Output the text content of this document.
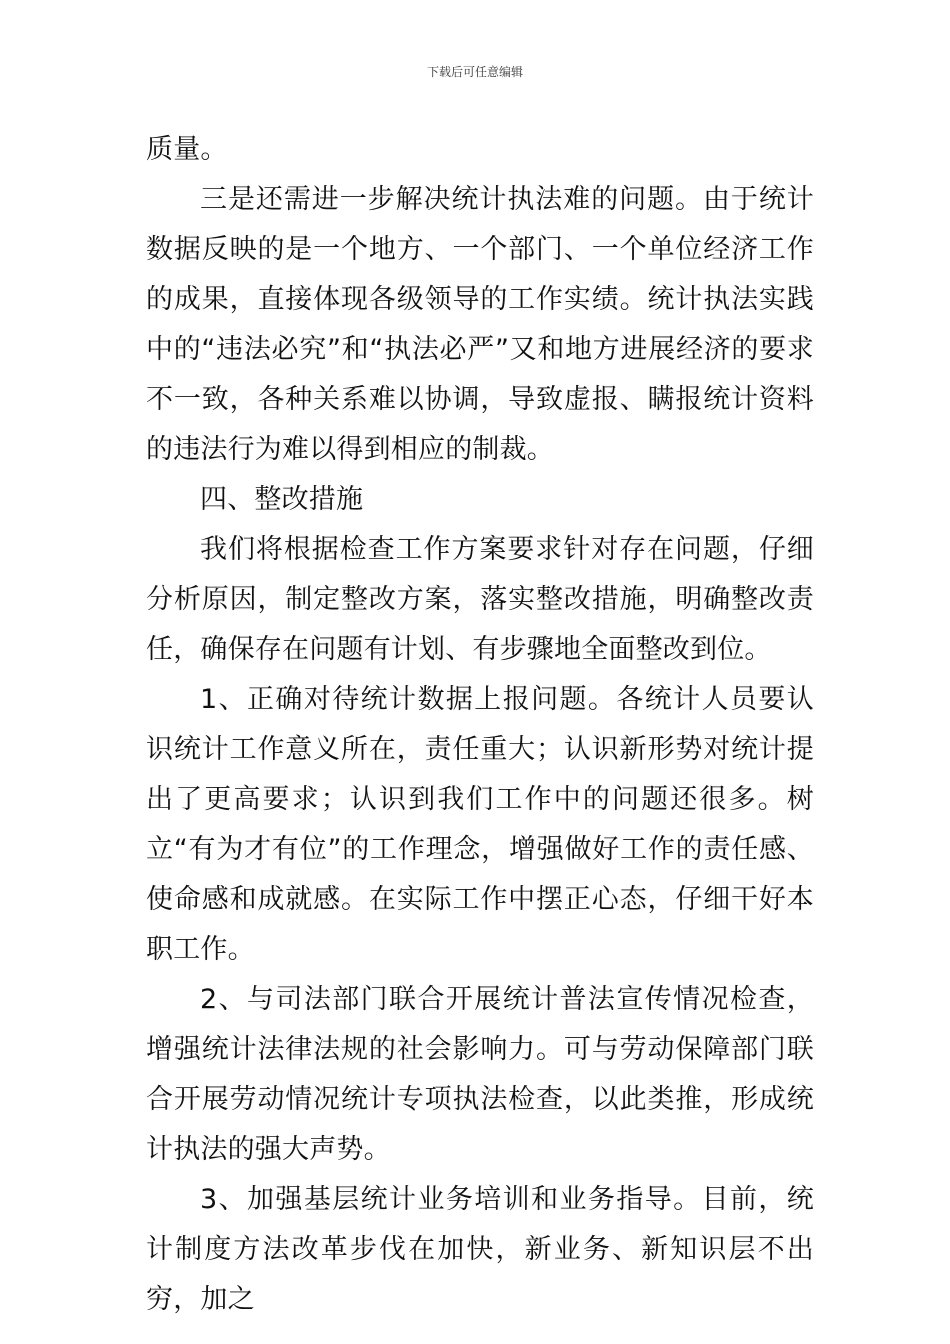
下载后可任意编辑

质量。

三是还需进一步解决统计执法难的问题。由于统计数据反映的是一个地方、一个部门、一个单位经济工作的成果，直接体现各级领导的工作实绩。统计执法实践中的“违法必究”和“执法必严”又和地方进展经济的要求不一致，各种关系难以协调，导致虚报、瞒报统计资料的违法行为难以得到相应的制裁。

四、整改措施

我们将根据检查工作方案要求针对存在问题，仔细分析原因，制定整改方案，落实整改措施，明确整改责任，确保存在问题有计划、有步骤地全面整改到位。

1、正确对待统计数据上报问题。各统计人员要认识统计工作意义所在，责任重大；认识新形势对统计提出了更高要求；认识到我们工作中的问题还很多。树立“有为才有位”的工作理念，增强做好工作的责任感、使命感和成就感。在实际工作中摆正心态，仔细干好本职工作。

2、与司法部门联合开展统计普法宣传情况检查，增强统计法律法规的社会影响力。可与劳动保障部门联合开展劳动情况统计专项执法检查，以此类推，形成统计执法的强大声势。

3、加强基层统计业务培训和业务指导。目前，统计制度方法改革步伐在加快，新业务、新知识层不出穷，加之
